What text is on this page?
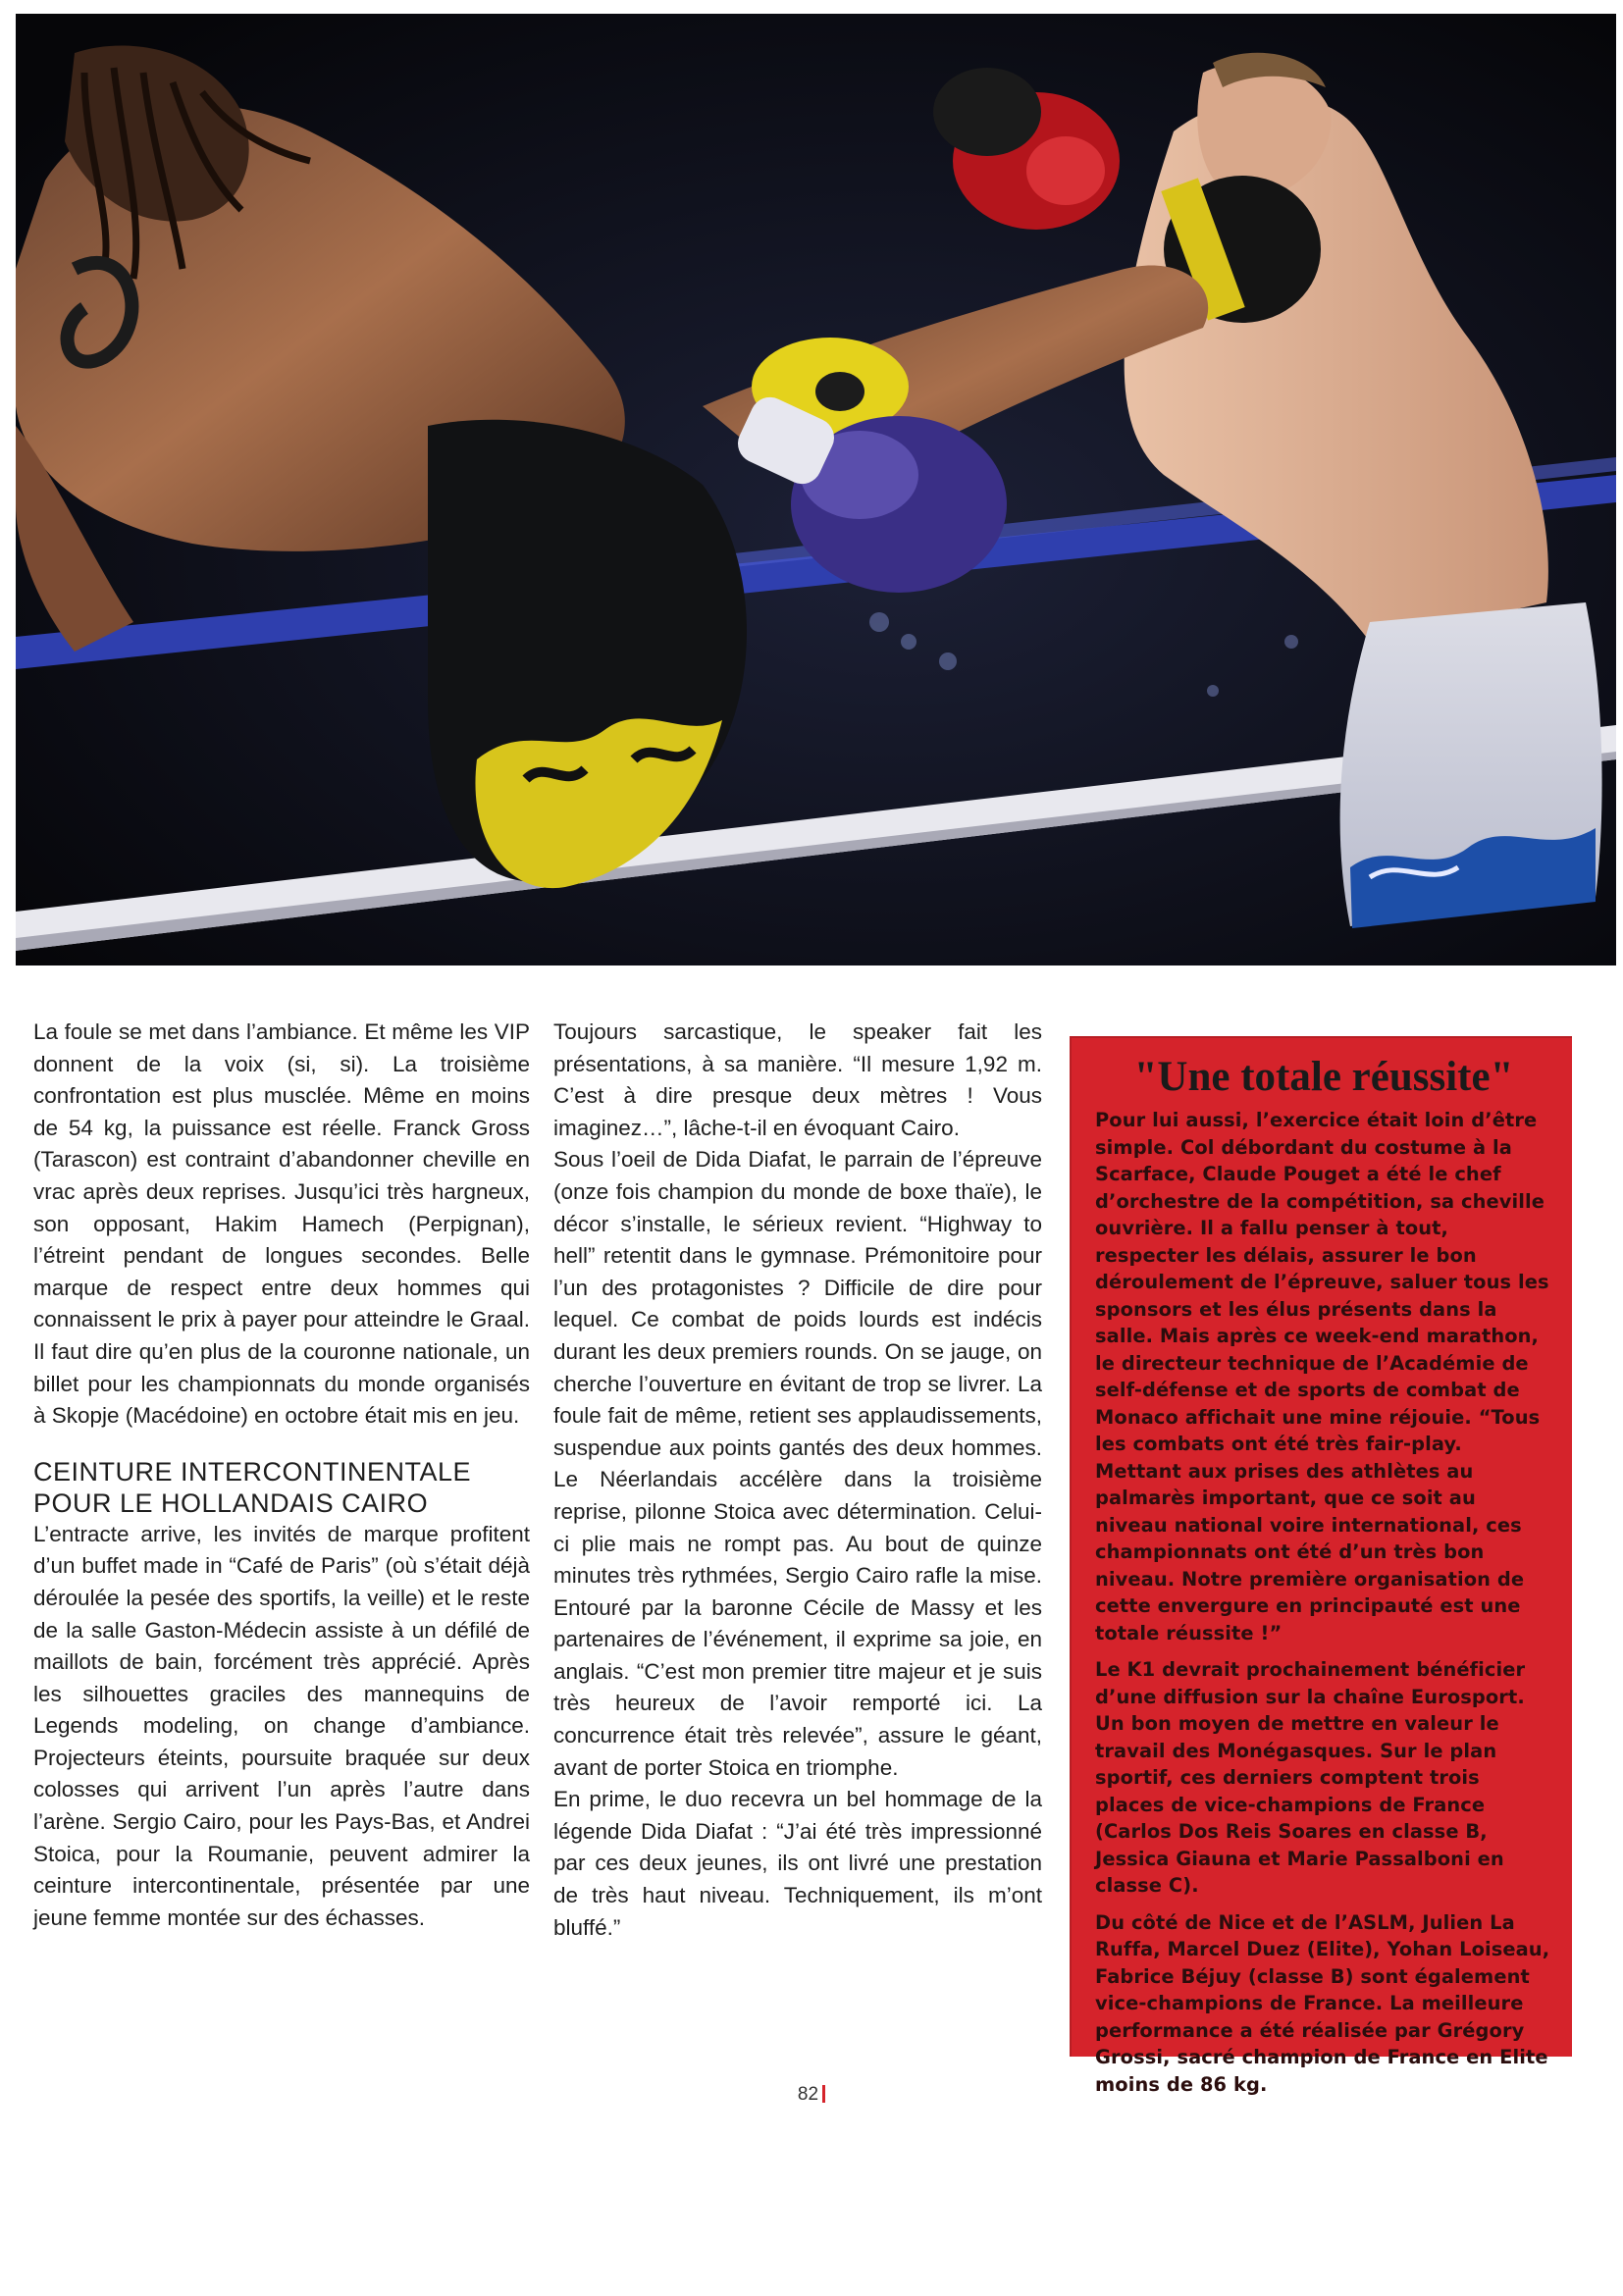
La foule se met dans l’ambiance. Et même les VIP donnent de la voix (si, si). La troisième confrontation est plus musclée. Même en moins de 54 kg, la puissance est réelle. Franck Gross (Tarascon) est contraint d’abandonner cheville en vrac après deux reprises. Jusqu’ici très hargneux, son opposant, Hakim Hamech (Perpignan), l’étreint pendant de longues secondes. Belle marque de respect entre deux hommes qui connaissent le prix à payer pour atteindre le Graal. Il faut dire qu’en plus de la couronne nationale, un billet pour les championnats du monde organisés à Skopje (Macédoine) en octobre était mis en jeu.

CEINTURE INTERCONTINENTALE
POUR LE HOLLANDAIS CAIRO

L’entracte arrive, les invités de marque profitent d’un buffet made in “Café de Paris” (où s’était déjà déroulée la pesée des sportifs, la veille) et le reste de la salle Gaston-Médecin assiste à un défilé de maillots de bain, forcément très apprécié. Après les silhouettes graciles des mannequins de Legends modeling, on change d’ambiance. Projecteurs éteints, poursuite braquée sur deux colosses qui arrivent l’un après l’autre dans l’arène. Sergio Cairo, pour les Pays-Bas, et Andrei Stoica, pour la Roumanie, peuvent admirer la ceinture intercontinentale, présentée par une jeune femme montée sur des échasses.

Toujours sarcastique, le speaker fait les présentations, à sa manière. “Il mesure 1,92 m. C’est à dire presque deux mètres ! Vous imaginez…”, lâche-t-il en évoquant Cairo.

Sous l’oeil de Dida Diafat, le parrain de l’épreuve (onze fois champion du monde de boxe thaïe), le décor s’installe, le sérieux revient. “Highway to hell” retentit dans le gymnase. Prémonitoire pour l’un des protagonistes ? Difficile de dire pour lequel. Ce combat de poids lourds est indécis durant les deux premiers rounds. On se jauge, on cherche l’ouverture en évitant de trop se livrer. La foule fait de même, retient ses applaudissements, suspendue aux points gantés des deux hommes. Le Néerlandais accélère dans la troisième reprise, pilonne Stoica avec détermination. Celui-ci plie mais ne rompt pas. Au bout de quinze minutes très rythmées, Sergio Cairo rafle la mise. Entouré par la baronne Cécile de Massy et les partenaires de l’événement, il exprime sa joie, en anglais. “C’est mon premier titre majeur et je suis très heureux de l’avoir remporté ici. La concurrence était très relevée”, assure le géant, avant de porter Stoica en triomphe.

En prime, le duo recevra un bel hommage de la légende Dida Diafat : “J’ai été très impressionné par ces deux jeunes, ils ont livré une prestation de très haut niveau. Techniquement, ils m’ont bluffé.”

"Une totale réussite"

Pour lui aussi, l’exercice était loin d’être simple. Col débordant du costume à la Scarface, Claude Pouget a été le chef d’orchestre de la compétition, sa cheville ouvrière. Il a fallu penser à tout, respecter les délais, assurer le bon déroulement de l’épreuve, saluer tous les sponsors et les élus présents dans la salle. Mais après ce week-end marathon, le directeur technique de l’Académie de self-défense et de sports de combat de Monaco affichait une mine réjouie. “Tous les combats ont été très fair-play. Mettant aux prises des athlètes au palmarès important, que ce soit au niveau national voire international, ces championnats ont été d’un très bon niveau. Notre première organisation de cette envergure en principauté est une totale réussite !”

Le K1 devrait prochainement bénéficier d’une diffusion sur la chaîne Eurosport. Un bon moyen de mettre en valeur le travail des Monégasques. Sur le plan sportif, ces derniers comptent trois places de vice-champions de France (Carlos Dos Reis Soares en classe B, Jessica Giauna et Marie Passalboni en classe C).

Du côté de Nice et de l’ASLM, Julien La Ruffa, Marcel Duez (Elite), Yohan Loiseau, Fabrice Béjuy (classe B) sont également vice-champions de France. La meilleure performance a été réalisée par Grégory Grossi, sacré champion de France en Elite moins de 86 kg.

82
